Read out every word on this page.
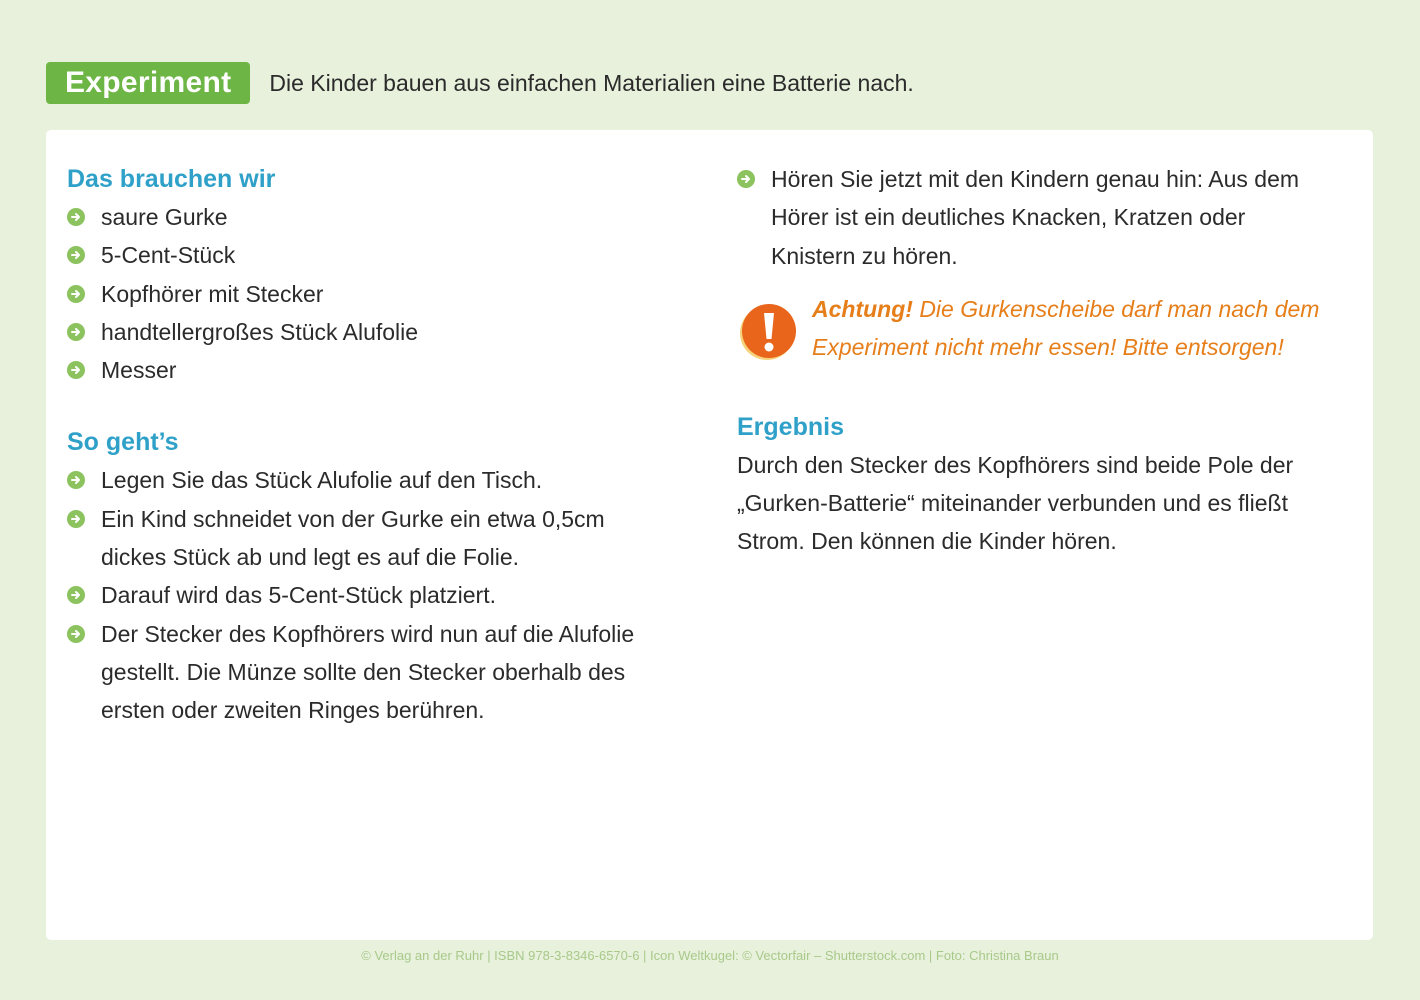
Experiment	Die Kinder bauen aus einfachen Materialien eine Batterie nach.
Das brauchen wir
saure Gurke
5-Cent-Stück
Kopfhörer mit Stecker
handtellergroßes Stück Alufolie
Messer
So geht’s
Legen Sie das Stück Alufolie auf den Tisch.
Ein Kind schneidet von der Gurke ein etwa 0,5cm dickes Stück ab und legt es auf die Folie.
Darauf wird das 5-Cent-Stück platziert.
Der Stecker des Kopfhörers wird nun auf die Alufolie gestellt. Die Münze sollte den Stecker oberhalb des ersten oder zweiten Ringes berühren.
Hören Sie jetzt mit den Kindern genau hin: Aus dem Hörer ist ein deutliches Knacken, Kratzen oder Knistern zu hören.
Achtung! Die Gurkenscheibe darf man nach dem Experiment nicht mehr essen! Bitte entsorgen!
Ergebnis
Durch den Stecker des Kopfhörers sind beide Pole der „Gurken-Batterie“ miteinander verbunden und es fließt Strom. Den können die Kinder hören.
© Verlag an der Ruhr | ISBN 978-3-8346-6570-6 | Icon Weltkugel: © Vectorfair – Shutterstock.com | Foto: Christina Braun
